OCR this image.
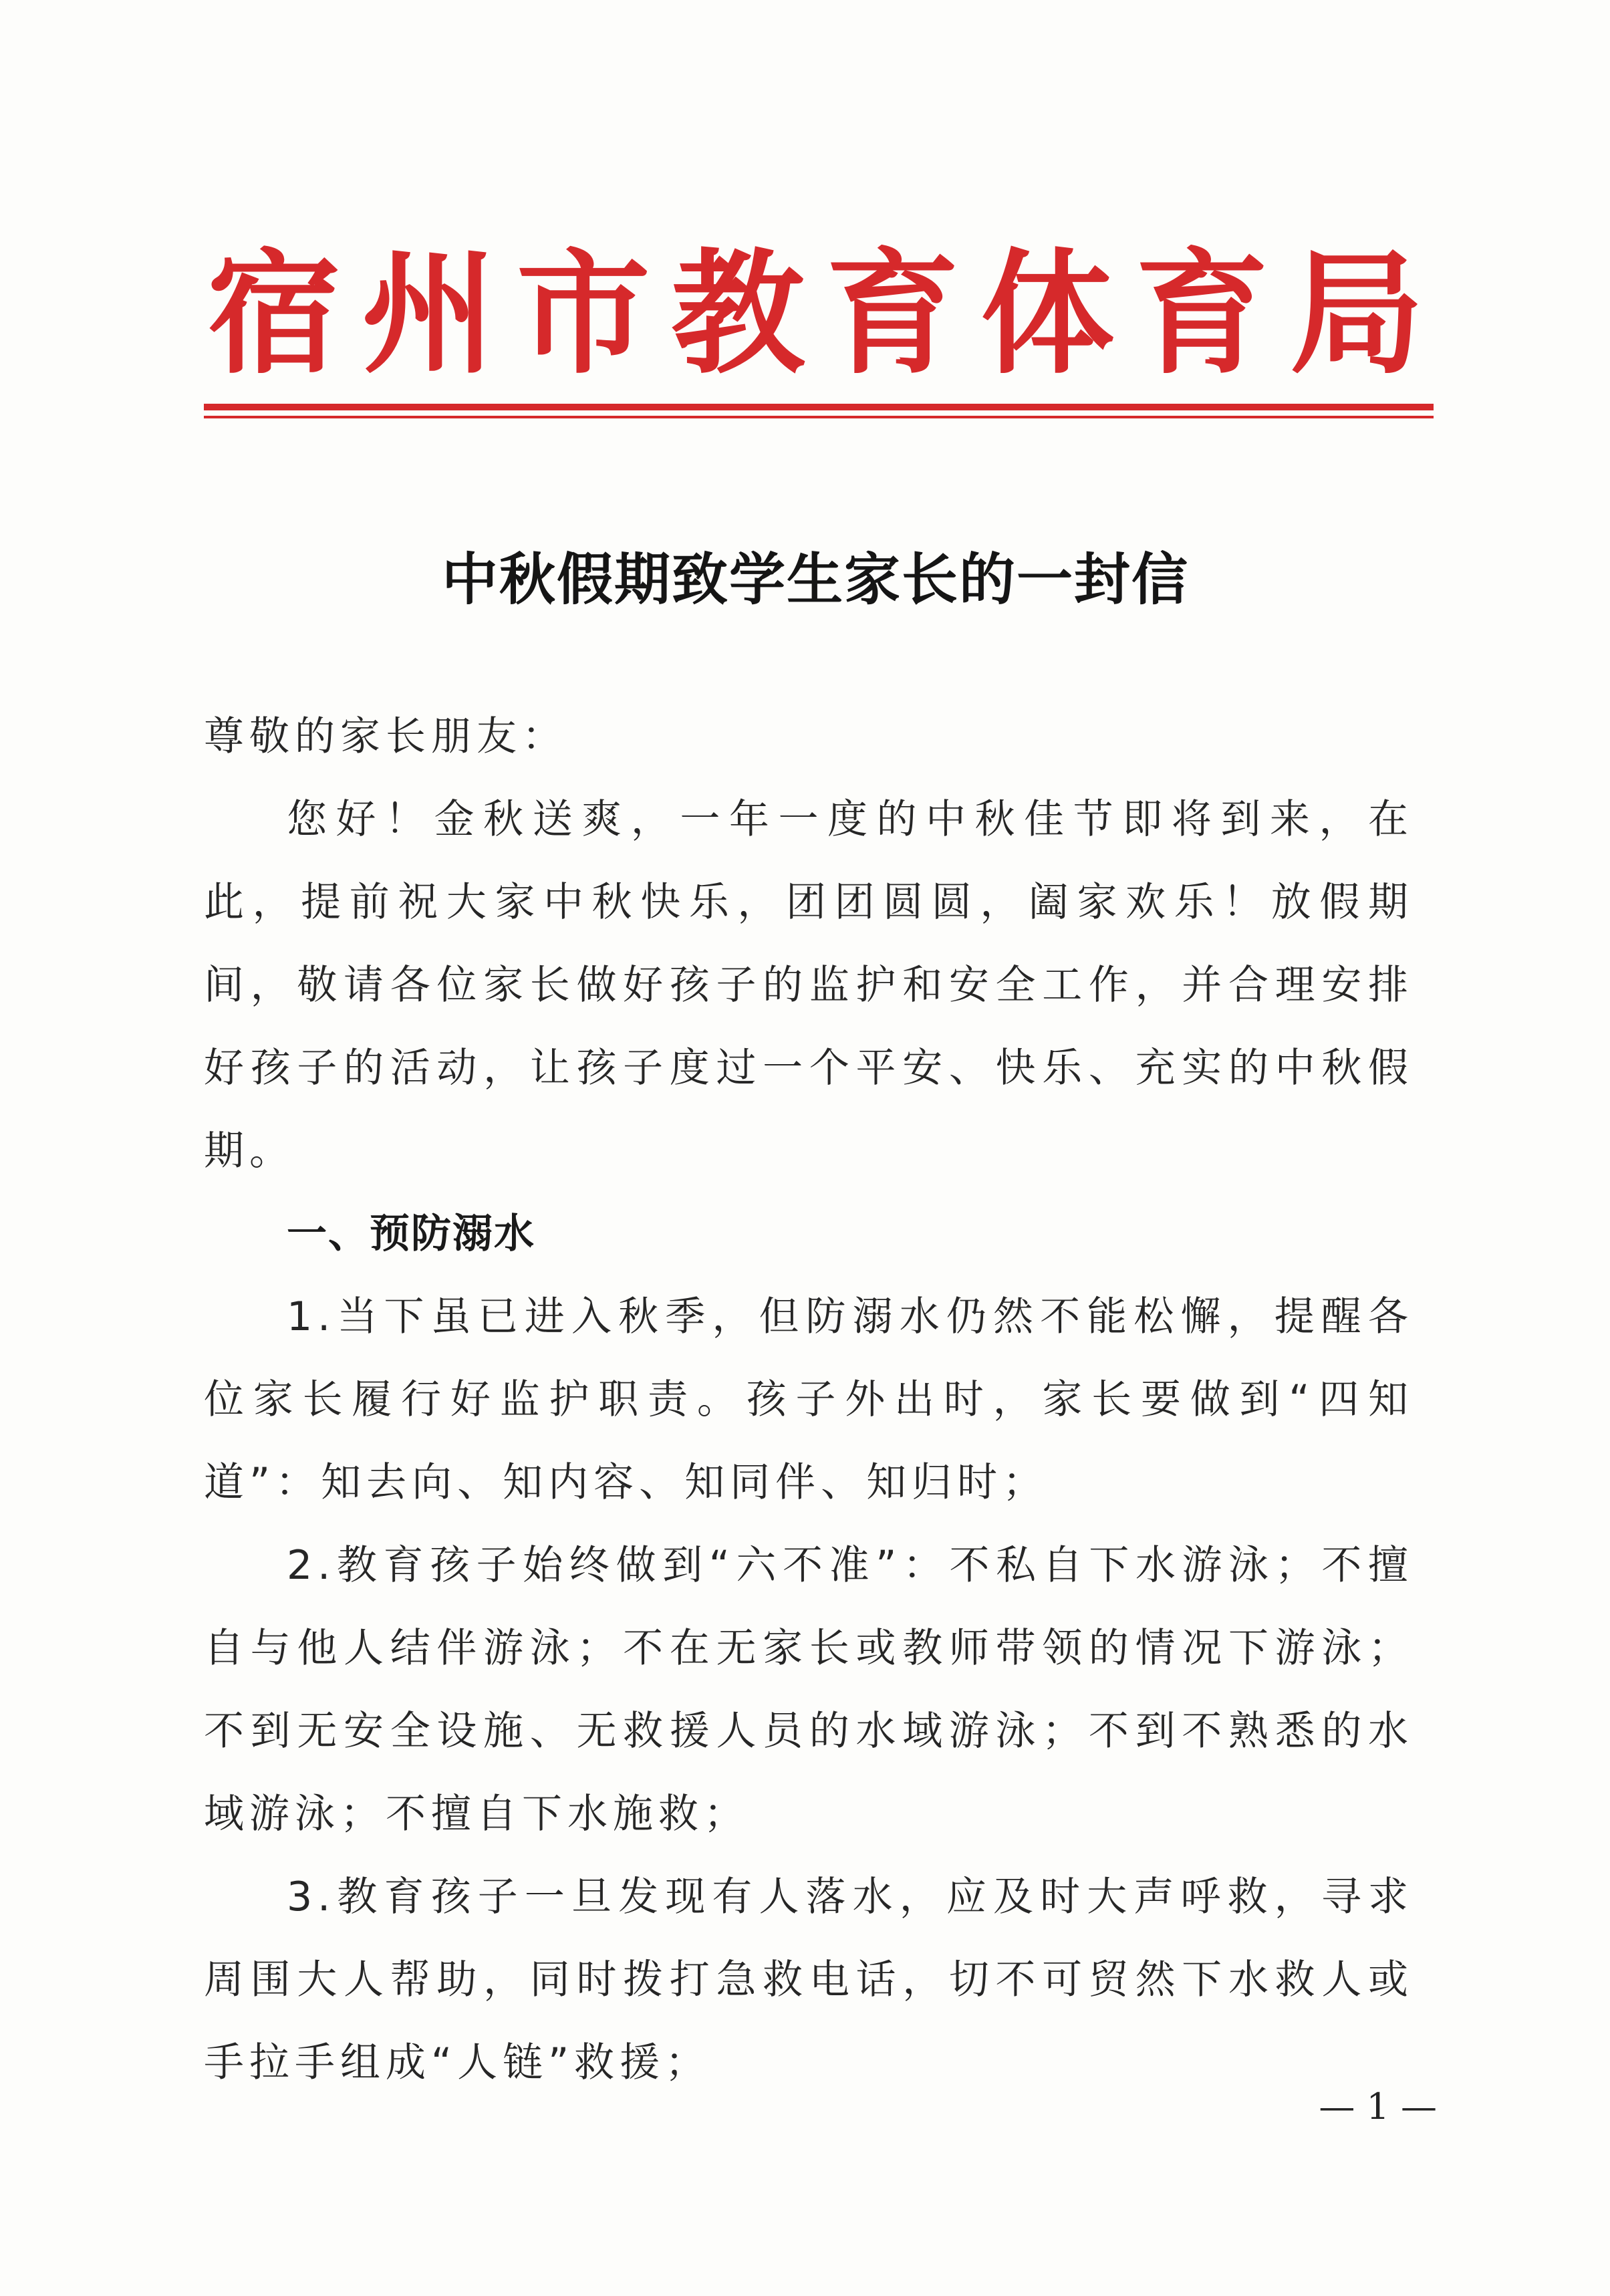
宿 州 市 教 育 体 育 局
中秋假期致学生家长的一封信

尊敬的家长朋友：

您好！金秋送爽，一年一度的中秋佳节即将到来，在此，提前祝大家中秋快乐，团团圆圆，阖家欢乐！放假期间，敬请各位家长做好孩子的监护和安全工作，并合理安排好孩子的活动，让孩子度过一个平安、快乐、充实的中秋假期。

一、预防溺水

1.当下虽已进入秋季，但防溺水仍然不能松懈，提醒各位家长履行好监护职责。孩子外出时，家长要做到“四知道”：知去向、知内容、知同伴、知归时；

2.教育孩子始终做到“六不准”：不私自下水游泳；不擅自与他人结伴游泳；不在无家长或教师带领的情况下游泳；不到无安全设施、无救援人员的水域游泳；不到不熟悉的水域游泳；不擅自下水施救；

3.教育孩子一旦发现有人落水，应及时大声呼救，寻求周围大人帮助，同时拨打急救电话，切不可贸然下水救人或手拉手组成“人链”救援；

— 1 —
